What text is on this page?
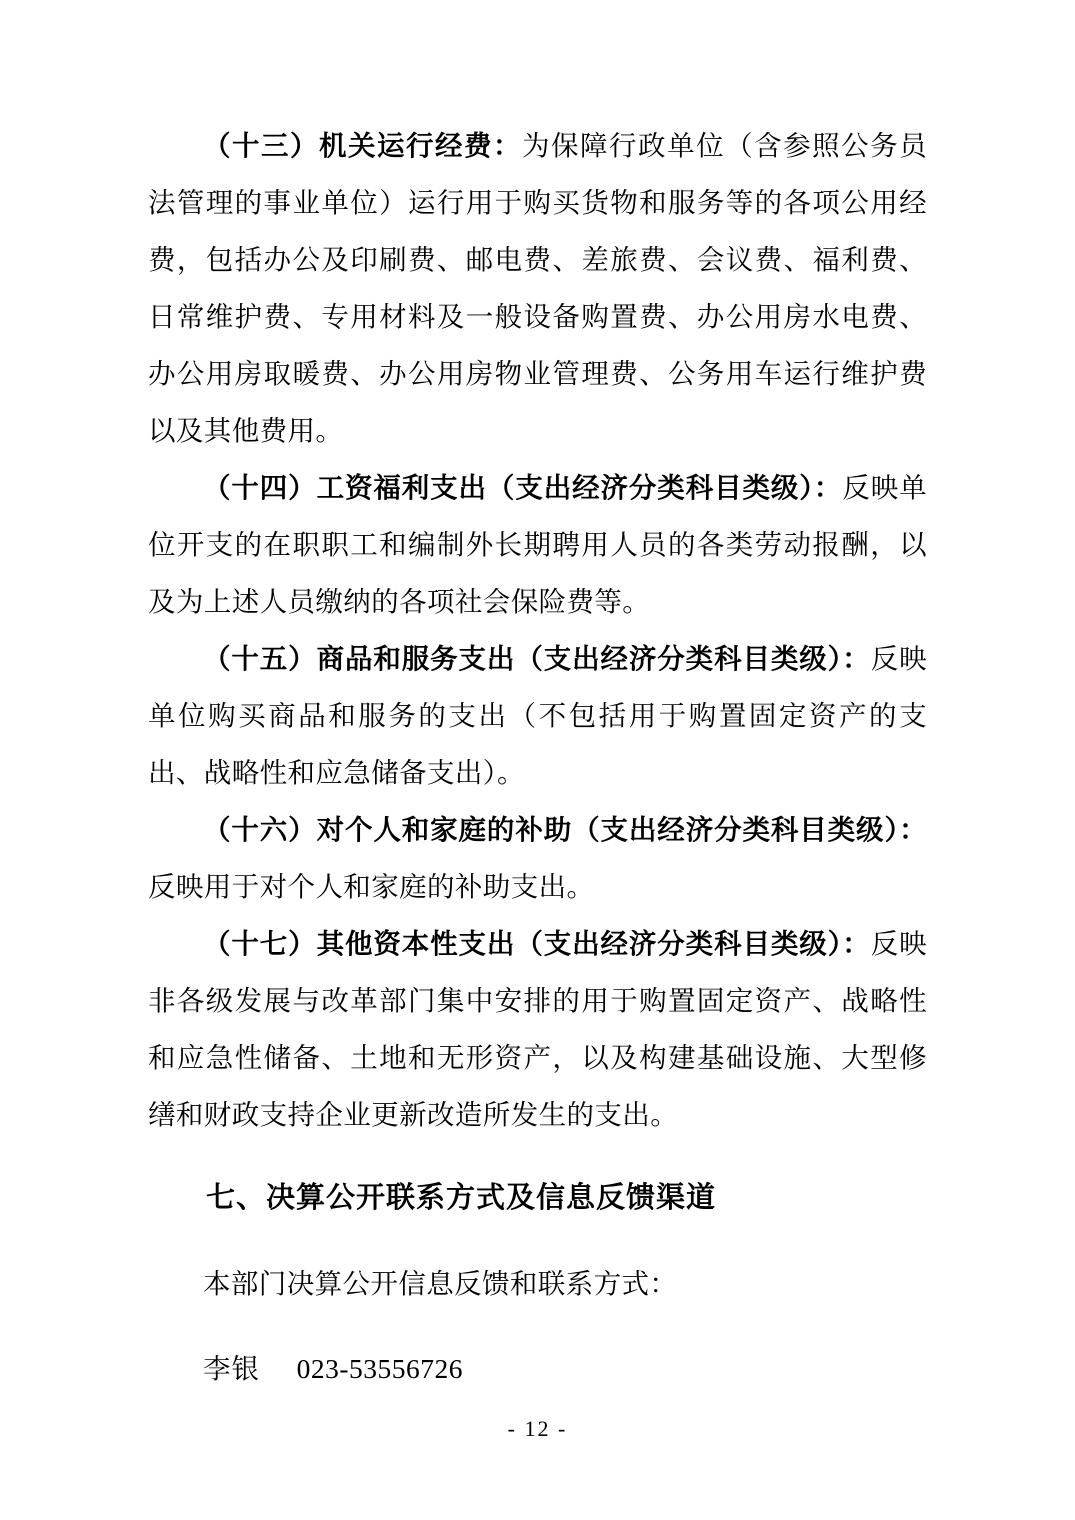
（十三）机关运行经费：为保障行政单位（含参照公务员法管理的事业单位）运行用于购买货物和服务等的各项公用经费，包括办公及印刷费、邮电费、差旅费、会议费、福利费、日常维护费、专用材料及一般设备购置费、办公用房水电费、办公用房取暖费、办公用房物业管理费、公务用车运行维护费以及其他费用。

（十四）工资福利支出（支出经济分类科目类级）：反映单位开支的在职职工和编制外长期聘用人员的各类劳动报酬，以及为上述人员缴纳的各项社会保险费等。

（十五）商品和服务支出（支出经济分类科目类级）：反映单位购买商品和服务的支出（不包括用于购置固定资产的支出、战略性和应急储备支出）。

（十六）对个人和家庭的补助（支出经济分类科目类级）：反映用于对个人和家庭的补助支出。

（十七）其他资本性支出（支出经济分类科目类级）：反映非各级发展与改革部门集中安排的用于购置固定资产、战略性和应急性储备、土地和无形资产，以及构建基础设施、大型修缮和财政支持企业更新改造所发生的支出。

七、决算公开联系方式及信息反馈渠道

本部门决算公开信息反馈和联系方式：

李银 023-53556726

- 12 -
